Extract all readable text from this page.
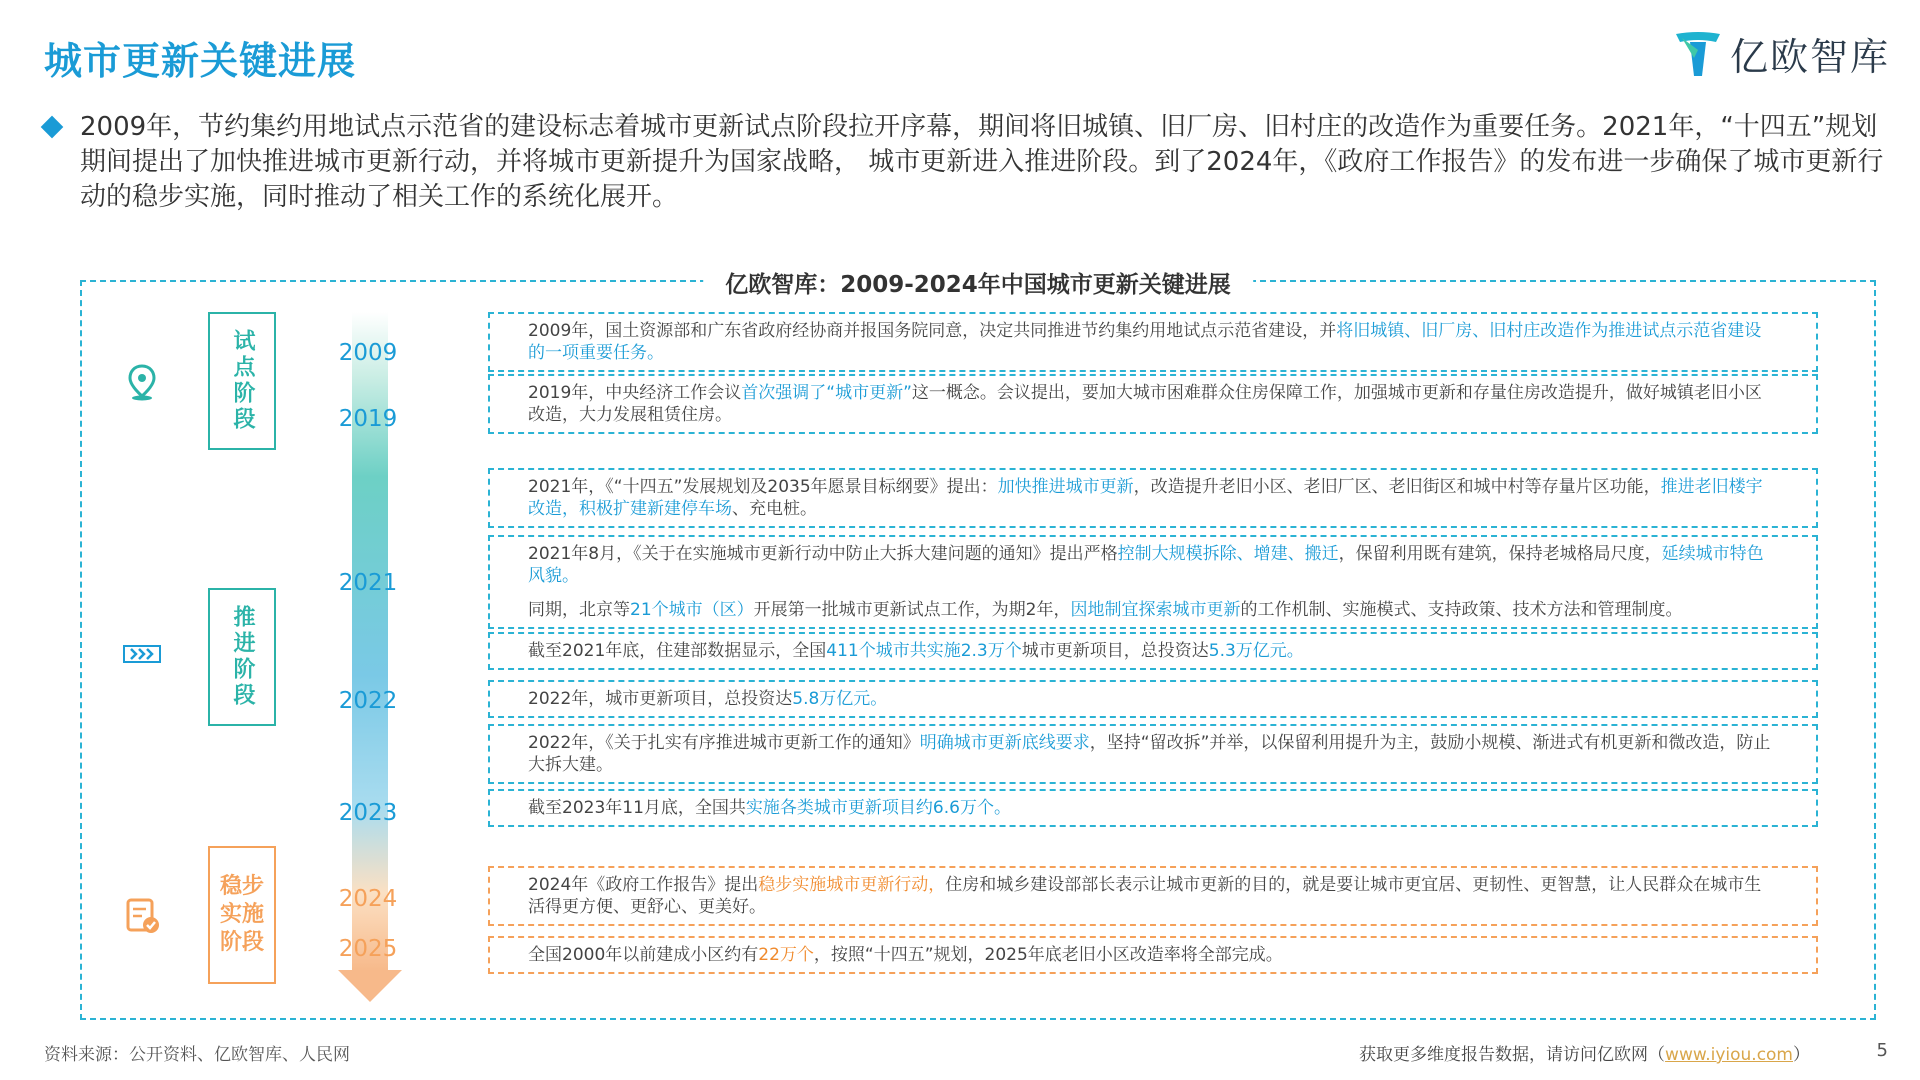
城市更新关键进展	亿欧智库
2009年，节约集约用地试点示范省的建设标志着城市更新试点阶段拉开序幕，期间将旧城镇、旧厂房、旧村庄的改造作为重要任务。2021年，“十四五”规划期间提出了加快推进城市更新行动，并将城市更新提升为国家战略， 城市更新进入推进阶段。到了2024年，《政府工作报告》的发布进一步确保了城市更新行动的稳步实施，同时推动了相关工作的系统化展开。
亿欧智库：2009-2024年中国城市更新关键进展
试点阶段
推进阶段
稳步实施阶段
2009
2019
2021
2022
2023
2024
2025
2009年，国土资源部和广东省政府经协商并报国务院同意，决定共同推进节约集约用地试点示范省建设，并将旧城镇、旧厂房、旧村庄改造作为推进试点示范省建设的一项重要任务。
2019年，中央经济工作会议首次强调了“城市更新”这一概念。会议提出，要加大城市困难群众住房保障工作，加强城市更新和存量住房改造提升，做好城镇老旧小区改造，大力发展租赁住房。
2021年，《“十四五”发展规划及2035年愿景目标纲要》提出：加快推进城市更新，改造提升老旧小区、老旧厂区、老旧街区和城中村等存量片区功能，推进老旧楼宇改造，积极扩建新建停车场、充电桩。
2021年8月，《关于在实施城市更新行动中防止大拆大建问题的通知》提出严格控制大规模拆除、增建、搬迁，保留利用既有建筑，保持老城格局尺度，延续城市特色风貌。
同期，北京等21个城市（区）开展第一批城市更新试点工作，为期2年，因地制宜探索城市更新的工作机制、实施模式、支持政策、技术方法和管理制度。
截至2021年底，住建部数据显示，全国411个城市共实施2.3万个城市更新项目，总投资达5.3万亿元。
2022年，城市更新项目，总投资达5.8万亿元。
2022年，《关于扎实有序推进城市更新工作的通知》明确城市更新底线要求，坚持“留改拆”并举，以保留利用提升为主，鼓励小规模、渐进式有机更新和微改造，防止大拆大建。
截至2023年11月底，全国共实施各类城市更新项目约6.6万个。
2024年《政府工作报告》提出稳步实施城市更新行动，住房和城乡建设部部长表示让城市更新的目的，就是要让城市更宜居、更韧性、更智慧，让人民群众在城市生活得更方便、更舒心、更美好。
全国2000年以前建成小区约有22万个，按照“十四五”规划，2025年底老旧小区改造率将全部完成。
资料来源：公开资料、亿欧智库、人民网	获取更多维度报告数据，请访问亿欧网（www.iyiou.com）	5
